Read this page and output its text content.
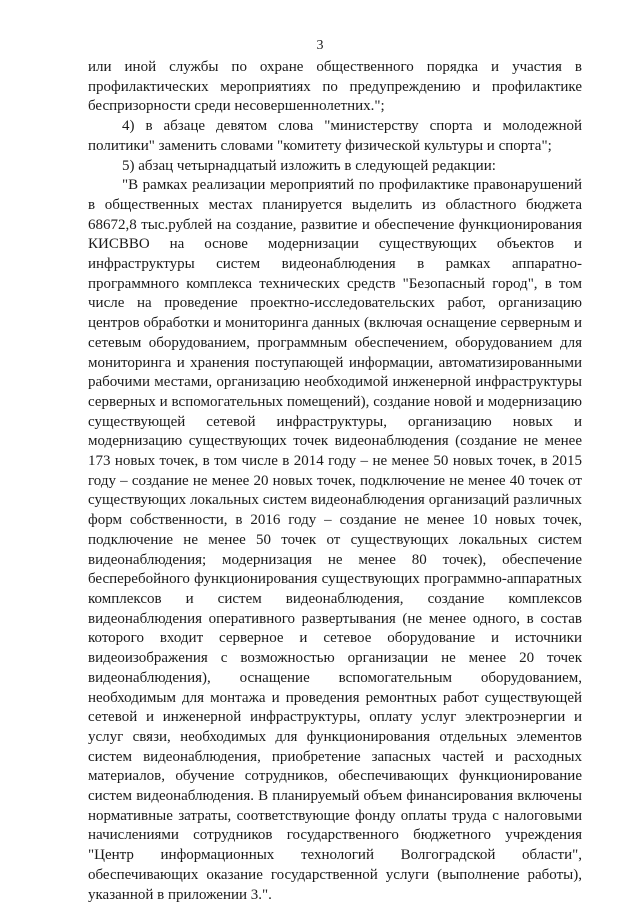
3

или иной службы по охране общественного порядка и участия в профилактических мероприятиях по предупреждению и профилактике беспризорности среди несовершеннолетних.";

4) в абзаце девятом слова "министерству спорта и молодежной политики" заменить словами "комитету физической культуры и спорта";

5) абзац четырнадцатый изложить в следующей редакции:

"В рамках реализации мероприятий по профилактике правонарушений в общественных местах планируется выделить из областного бюджета 68672,8 тыс.рублей на создание, развитие и обеспечение функционирования КИСВВО на основе модернизации существующих объектов и инфраструктуры систем видеонаблюдения в рамках аппаратно-программного комплекса технических средств "Безопасный город", в том числе на проведение проектно-исследовательских работ, организацию центров обработки и мониторинга данных (включая оснащение серверным и сетевым оборудованием, программным обеспечением, оборудованием для мониторинга и хранения поступающей информации, автоматизированными рабочими местами, организацию необходимой инженерной инфраструктуры серверных и вспомогательных помещений), создание новой и модернизацию существующей сетевой инфраструктуры, организацию новых и модернизацию существующих точек видеонаблюдения (создание не менее 173 новых точек, в том числе в 2014 году – не менее 50 новых точек, в 2015 году – создание не менее 20 новых точек, подключение не менее 40 точек от существующих локальных систем видеонаблюдения организаций различных форм собственности, в 2016 году – создание не менее 10 новых точек, подключение не менее 50 точек от существующих локальных систем видеонаблюдения; модернизация не менее 80 точек), обеспечение бесперебойного функционирования существующих программно-аппаратных комплексов и систем видеонаблюдения, создание комплексов видеонаблюдения оперативного развертывания (не менее одного, в состав которого входит серверное и сетевое оборудование и источники видеоизображения с возможностью организации не менее 20 точек видеонаблюдения), оснащение вспомогательным оборудованием, необходимым для монтажа и проведения ремонтных работ существующей сетевой и инженерной инфраструктуры, оплату услуг электроэнергии и услуг связи, необходимых для функционирования отдельных элементов систем видеонаблюдения, приобретение запасных частей и расходных материалов, обучение сотрудников, обеспечивающих функционирование систем видеонаблюдения. В планируемый объем финансирования включены нормативные затраты, соответствующие фонду оплаты труда с налоговыми начислениями сотрудников государственного бюджетного учреждения "Центр информационных технологий Волгоградской области", обеспечивающих оказание государственной услуги (выполнение работы), указанной в приложении 3.".
